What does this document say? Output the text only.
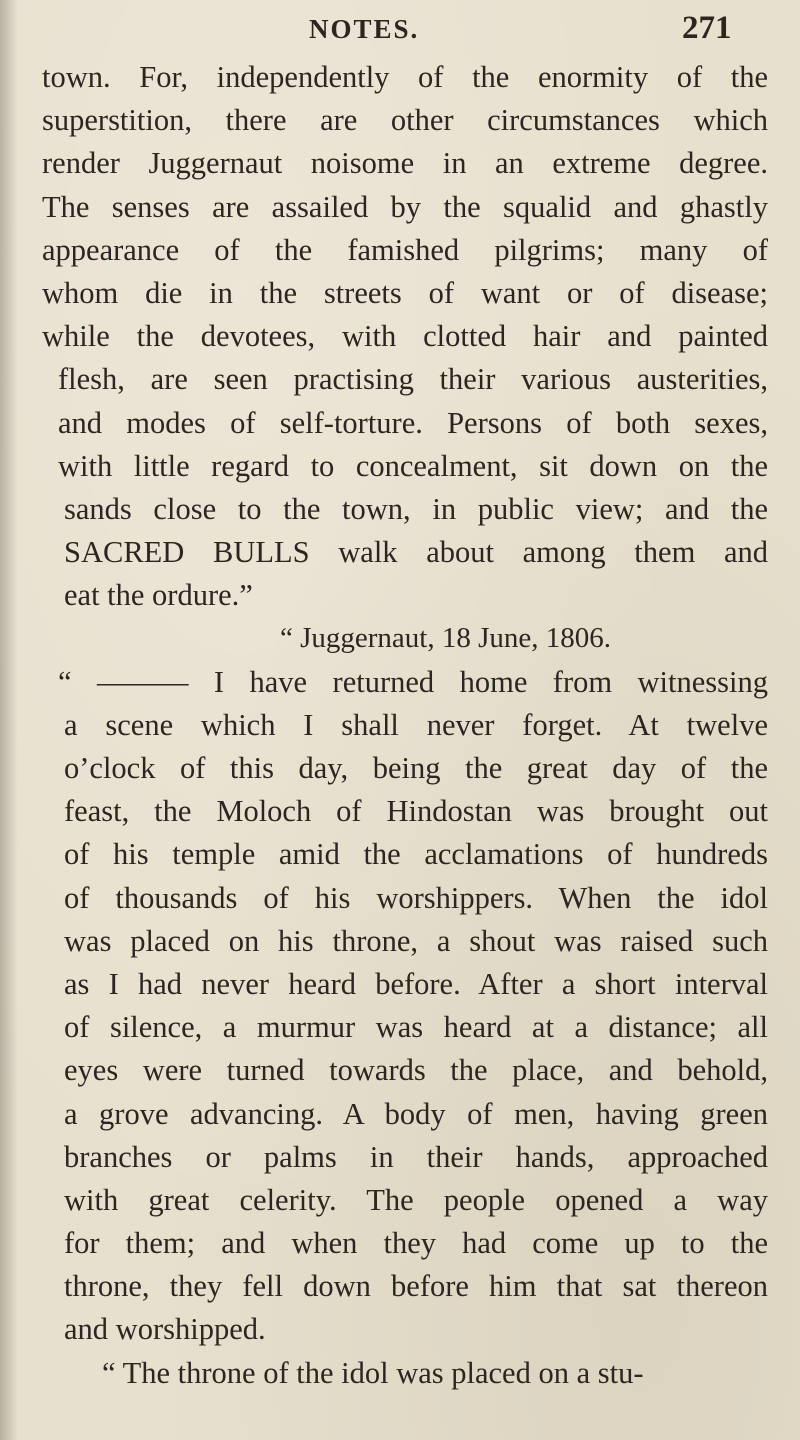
NOTES.	271
town. For, independently of the enormity of the
superstition, there are other circumstances which
render Juggernaut noisome in an extreme degree.
The senses are assailed by the squalid and ghastly
appearance of the famished pilgrims; many of
whom die in the streets of want or of disease;
while the devotees, with clotted hair and painted
flesh, are seen practising their various austerities,
and modes of self-torture. Persons of both sexes,
with little regard to concealment, sit down on the
sands close to the town, in public view; and the
SACRED BULLS walk about among them and
eat the ordure.”
“ Juggernaut, 18 June, 1806.
“ ——— I have returned home from witnessing
a scene which I shall never forget. At twelve
o’clock of this day, being the great day of the
feast, the Moloch of Hindostan was brought out
of his temple amid the acclamations of hundreds
of thousands of his worshippers. When the idol
was placed on his throne, a shout was raised such
as I had never heard before. After a short interval
of silence, a murmur was heard at a distance; all
eyes were turned towards the place, and behold,
a grove advancing. A body of men, having green
branches or palms in their hands, approached
with great celerity. The people opened a way
for them; and when they had come up to the
throne, they fell down before him that sat thereon
and worshipped.
“ The throne of the idol was placed on a stu-
